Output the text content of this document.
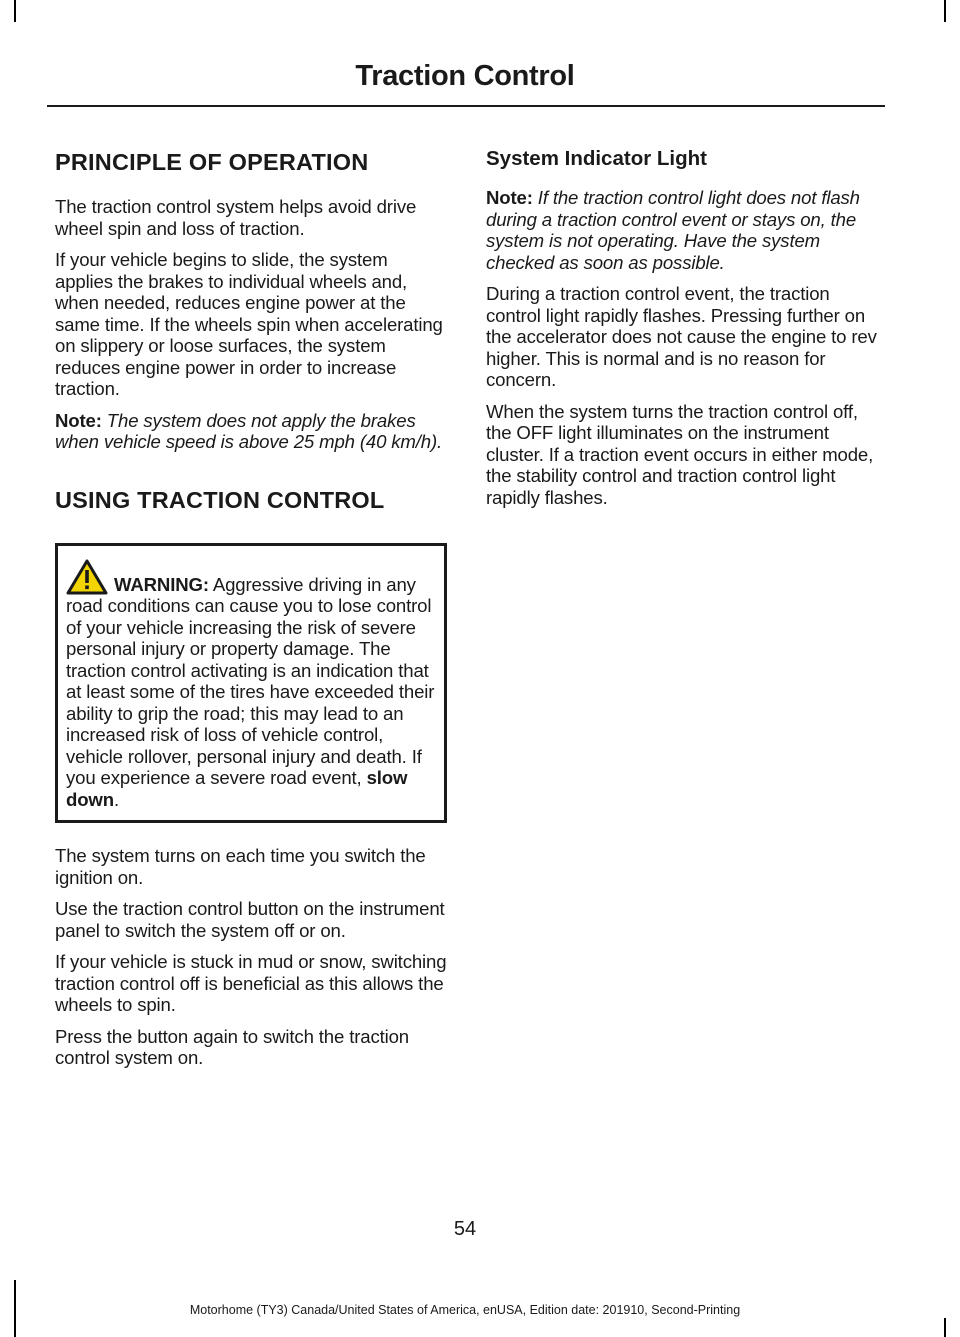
Traction Control
PRINCIPLE OF OPERATION

The traction control system helps avoid drive wheel spin and loss of traction.

If your vehicle begins to slide, the system applies the brakes to individual wheels and, when needed, reduces engine power at the same time. If the wheels spin when accelerating on slippery or loose surfaces, the system reduces engine power in order to increase traction.

Note: The system does not apply the brakes when vehicle speed is above 25 mph (40 km/h).

USING TRACTION CONTROL

WARNING: Aggressive driving in any road conditions can cause you to lose control of your vehicle increasing the risk of severe personal injury or property damage. The traction control activating is an indication that at least some of the tires have exceeded their ability to grip the road; this may lead to an increased risk of loss of vehicle control, vehicle rollover, personal injury and death. If you experience a severe road event, slow down.

The system turns on each time you switch the ignition on.

Use the traction control button on the instrument panel to switch the system off or on.

If your vehicle is stuck in mud or snow, switching traction control off is beneficial as this allows the wheels to spin.

Press the button again to switch the traction control system on.

System Indicator Light

Note: If the traction control light does not flash during a traction control event or stays on, the system is not operating. Have the system checked as soon as possible.

During a traction control event, the traction control light rapidly flashes. Pressing further on the accelerator does not cause the engine to rev higher. This is normal and is no reason for concern.

When the system turns the traction control off, the OFF light illuminates on the instrument cluster. If a traction event occurs in either mode, the stability control and traction control light rapidly flashes.

54
Motorhome (TY3) Canada/United States of America, enUSA, Edition date: 201910, Second-Printing
